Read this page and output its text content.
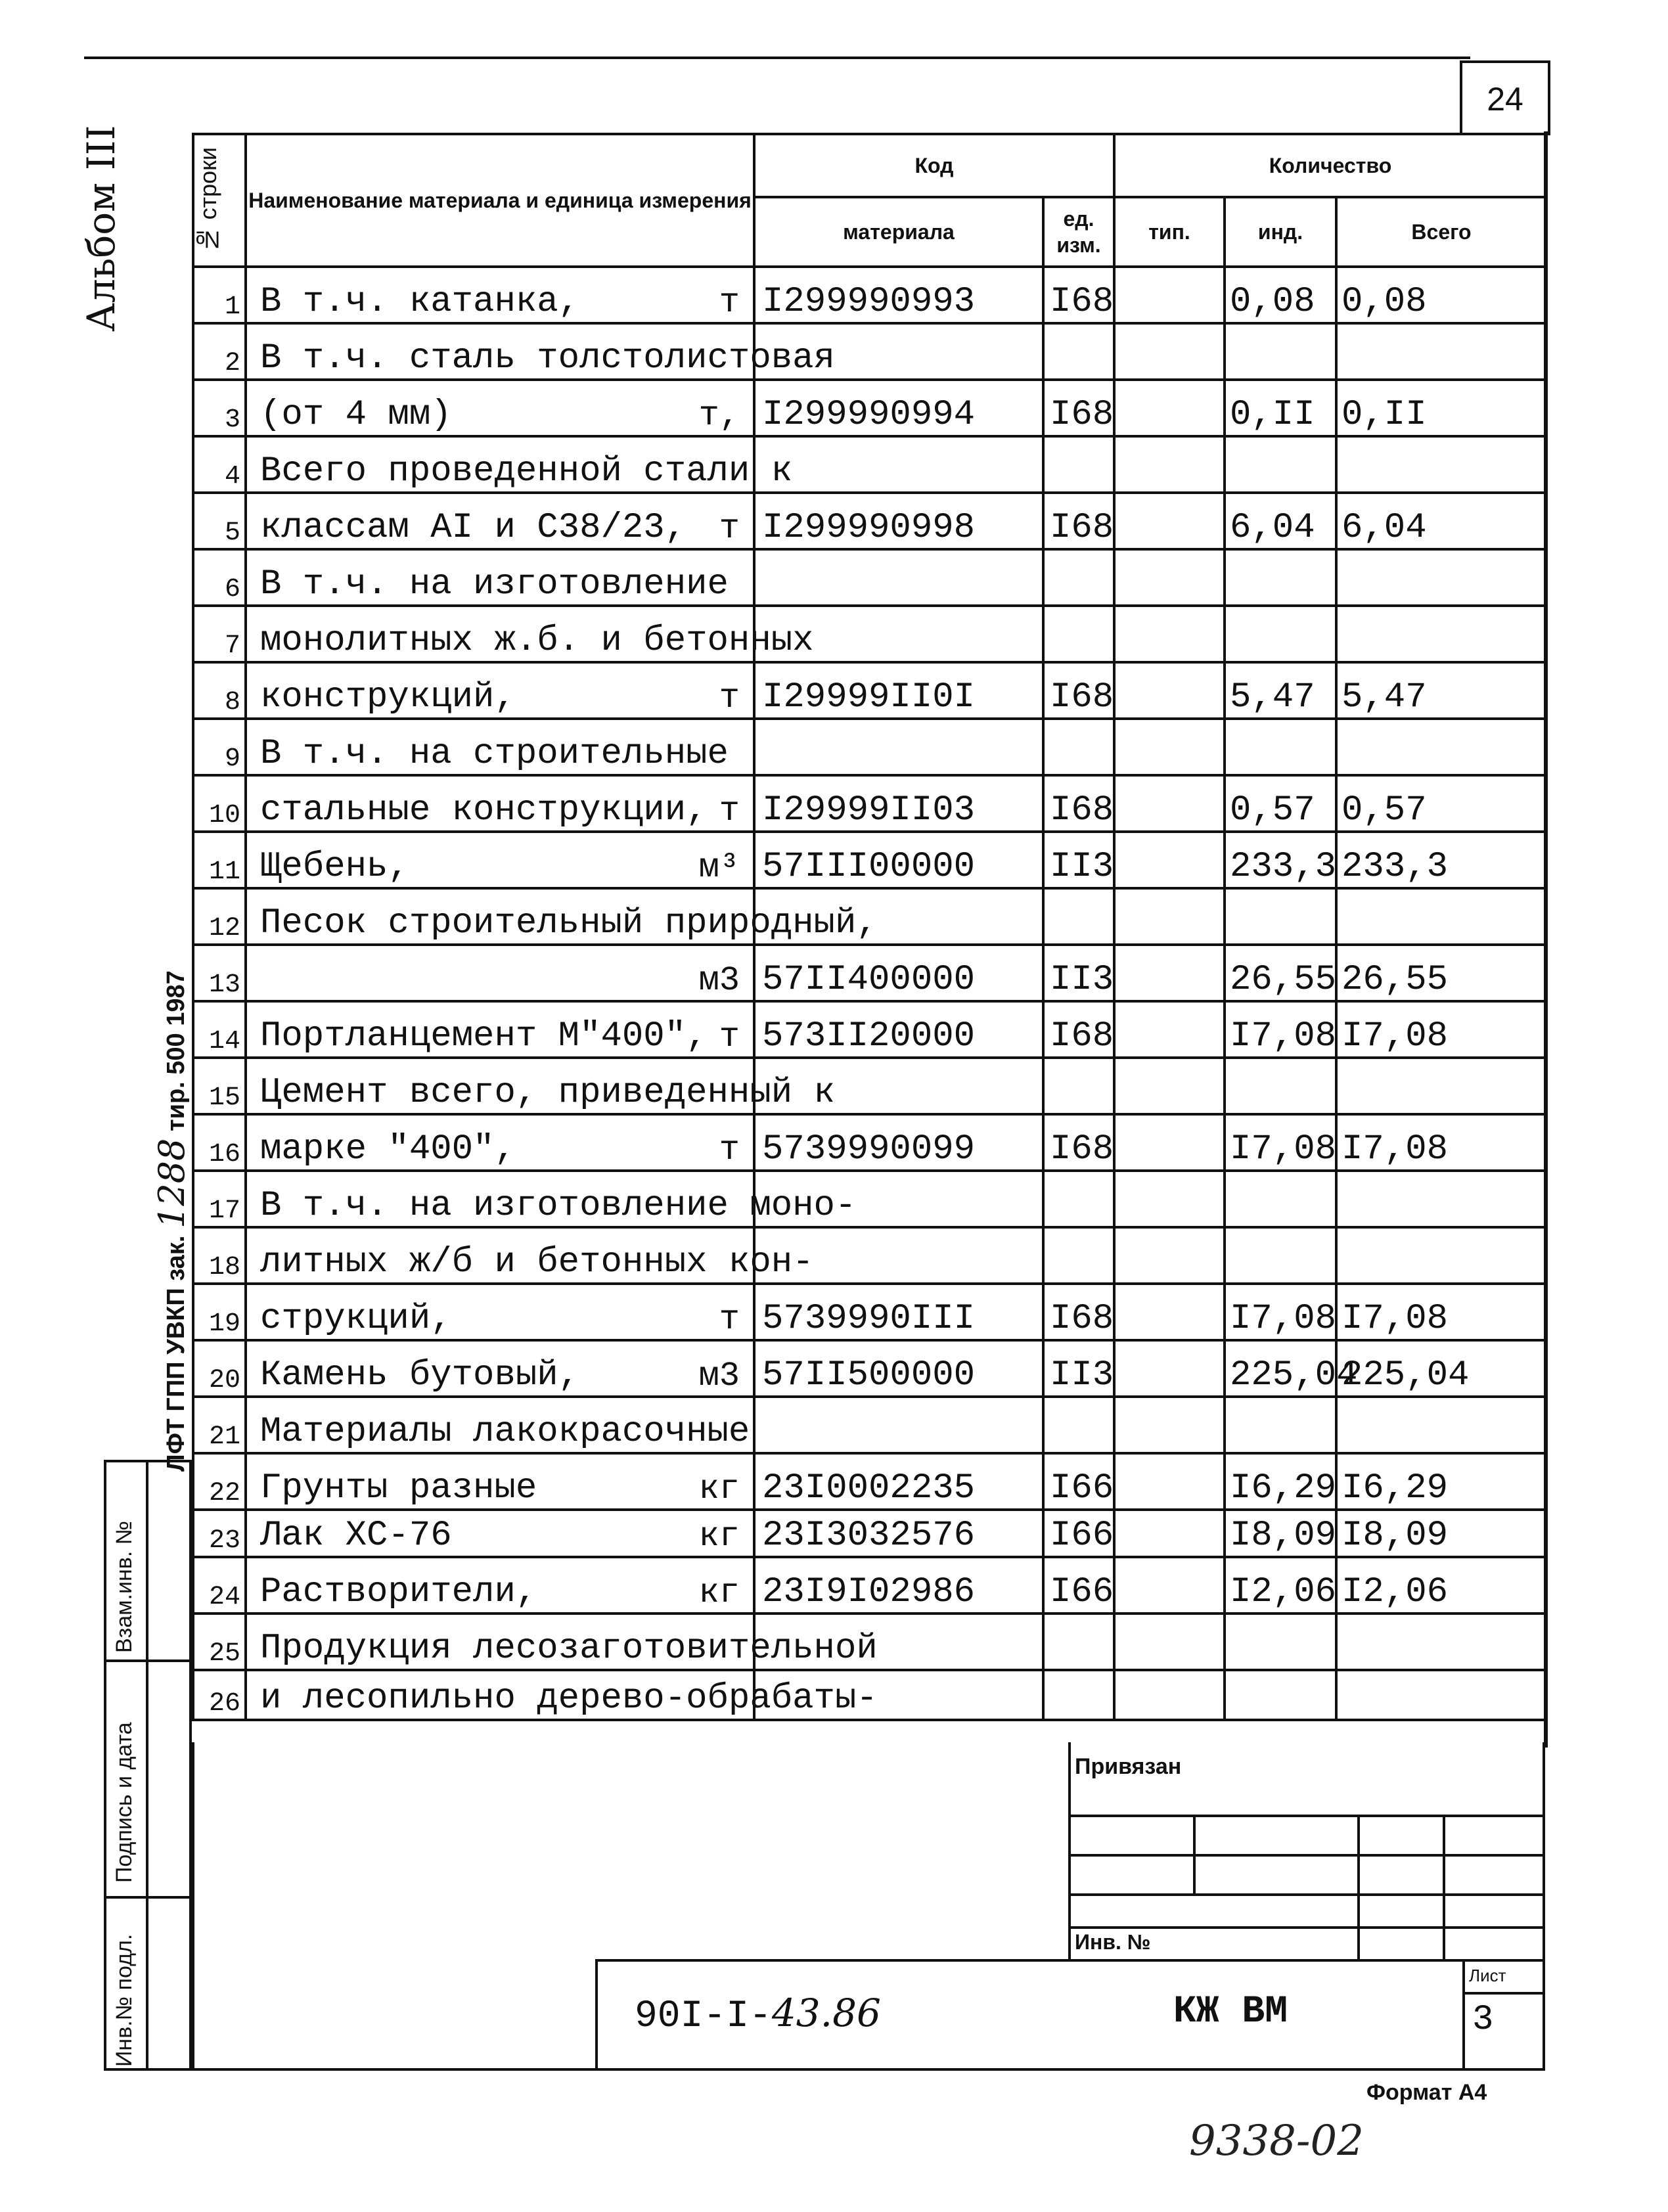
24
Альбом III
ЛФТ ГПП УВКП зак. 1288 тир. 500 1987
№ строки	Наименование материала и единица измерения	Код		Количество		
		материала	ед. изм.	тип.	инд.	Всего
1	В т.ч. катанка, т	I299990993	I68		0,08	0,08
2	В т.ч. сталь толстолистовая

3	(от 4 мм) т,	I299990994	I68		0,II	0,II
4	Всего проведенной стали к

5	классам АI и С38/23, т	I299990998	I68		6,04	6,04
6	В т.ч. на изготовление

7	монолитных ж.б. и бетонных

8	конструкций, т	I29999II0I	I68		5,47	5,47
9	В т.ч. на строительные

10	стальные конструкции, т	I29999II03	I68		0,57	0,57
11	Щебень, м³	57III00000	II3		233,3	233,3
12	Песок строительный природный,

13	м3	57II400000	II3		26,55	26,55
14	Портланцемент М"400", т	573II20000	I68		I7,08	I7,08
15	Цемент всего, приведенный к

16	марке "400", т	5739990099	I68		I7,08	I7,08
17	В т.ч. на изготовление моно-

18	литных ж/б и бетонных кон-

19	струкций, т	5739990III	I68		I7,08	I7,08
20	Камень бутовый, м3	57II500000	II3		225,04	225,04
21	Материалы лакокрасочные

22	Грунты разные кг	23I0002235	I66		I6,29	I6,29
23	Лак ХС-76 кг	23I3032576	I66		I8,09	I8,09
24	Растворители, кг	23I9I02986	I66		I2,06	I2,06
25	Продукция лесозаготовительной

26	и лесопильно дерево-обрабаты-

Взам.инв. №
Подпись и дата
Инв.№ подл.
Привязан
Инв. №
90I-I-43.86	КЖ ВМ
Лист
3
Формат А4
9338-02
